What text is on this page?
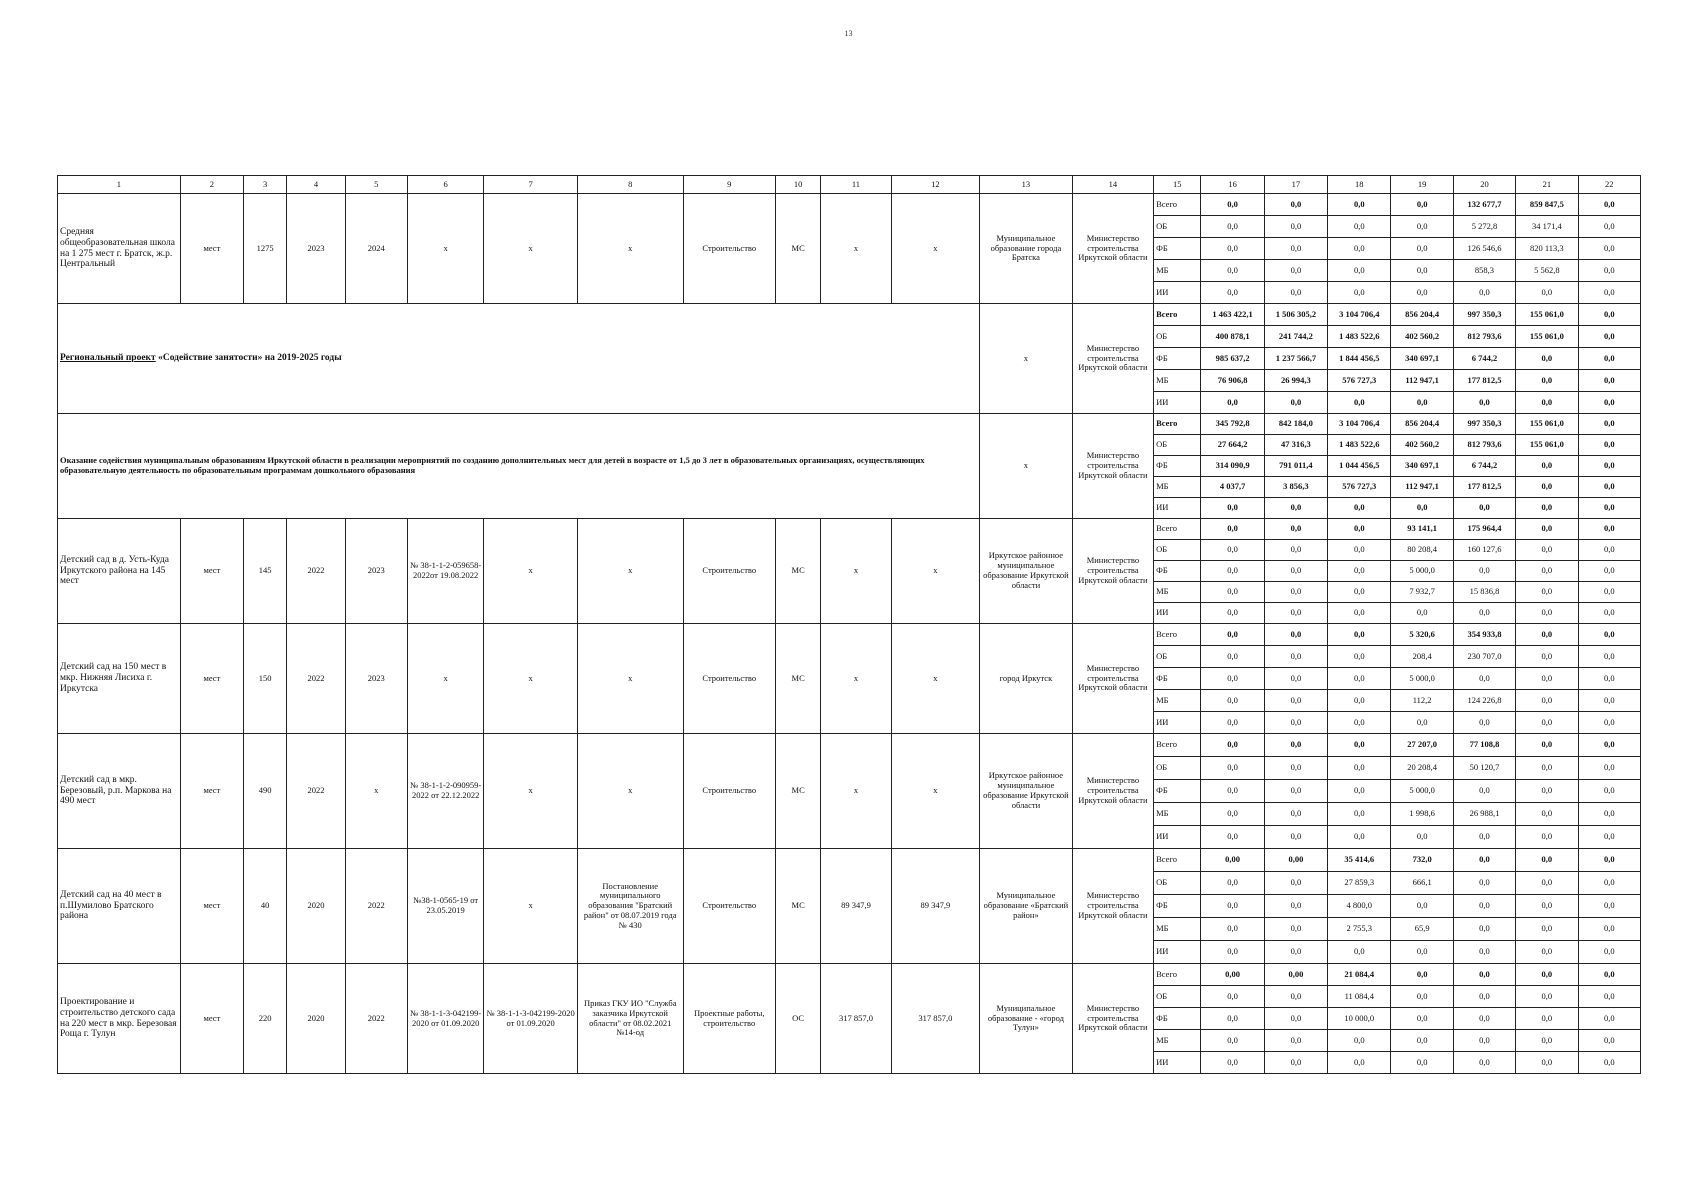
13
1	2	3	4	5	6	7	8	9	10	11	12	13	14	15	16	17	18	19	20	21	22
Средняя общеобразовательная школа на 1 275 мест г. Братск, ж.р. Центральный	мест	1275	2023	2024	x	x	x	Строительство	МС	x	x	Муниципальное образование города Братска	Министерство строительства Иркутской области	Всего	0,0	0,0	0,0	0,0	132 677,7	859 847,5	0,0
														ОБ	0,0	0,0	0,0	0,0	5 272,8	34 171,4	0,0
														ФБ	0,0	0,0	0,0	0,0	126 546,6	820 113,3	0,0
														МБ	0,0	0,0	0,0	0,0	858,3	5 562,8	0,0
														ИИ	0,0	0,0	0,0	0,0	0,0	0,0	0,0
Региональный проект «Содействие занятости» на 2019-2025 годы												x	Министерство строительства Иркутской области	Всего	1 463 422,1	1 506 305,2	3 104 706,4	856 204,4	997 350,3	155 061,0	0,0
														ОБ	400 878,1	241 744,2	1 483 522,6	402 560,2	812 793,6	155 061,0	0,0
														ФБ	985 637,2	1 237 566,7	1 844 456,5	340 697,1	6 744,2	0,0	0,0
														МБ	76 906,8	26 994,3	576 727,3	112 947,1	177 812,5	0,0	0,0
														ИИ	0,0	0,0	0,0	0,0	0,0	0,0	0,0
Оказание содействия муниципальным образованиям Иркутской области в реализации мероприятий по созданию дополнительных мест для детей в возрасте от 1,5 до 3 лет в образовательных организациях, осуществляющих образовательную деятельность по образовательным программам дошкольного образования												x	Министерство строительства Иркутской области	Всего	345 792,8	842 184,0	3 104 706,4	856 204,4	997 350,3	155 061,0	0,0
														ОБ	27 664,2	47 316,3	1 483 522,6	402 560,2	812 793,6	155 061,0	0,0
														ФБ	314 090,9	791 011,4	1 044 456,5	340 697,1	6 744,2	0,0	0,0
														МБ	4 037,7	3 856,3	576 727,3	112 947,1	177 812,5	0,0	0,0
														ИИ	0,0	0,0	0,0	0,0	0,0	0,0	0,0
Детский сад в д. Усть-Куда Иркутского района на 145 мест	мест	145	2022	2023	№ 38-1-1-2-059658-2022от 19.08.2022	x	x	Строительство	МС	x	x	Иркутское районное муниципальное образование Иркутской области	Министерство строительства Иркутской области	Всего	0,0	0,0	0,0	93 141,1	175 964,4	0,0	0,0
														ОБ	0,0	0,0	0,0	80 208,4	160 127,6	0,0	0,0
														ФБ	0,0	0,0	0,0	5 000,0	0,0	0,0	0,0
														МБ	0,0	0,0	0,0	7 932,7	15 836,8	0,0	0,0
														ИИ	0,0	0,0	0,0	0,0	0,0	0,0	0,0
Детский сад на 150 мест в мкр. Нижняя Лисиха г. Иркутска	мест	150	2022	2023	x	x	x	Строительство	МС	x	x	город Иркутск	Министерство строительства Иркутской области	Всего	0,0	0,0	0,0	5 320,6	354 933,8	0,0	0,0
														ОБ	0,0	0,0	0,0	208,4	230 707,0	0,0	0,0
														ФБ	0,0	0,0	0,0	5 000,0	0,0	0,0	0,0
														МБ	0,0	0,0	0,0	112,2	124 226,8	0,0	0,0
														ИИ	0,0	0,0	0,0	0,0	0,0	0,0	0,0
Детский сад в мкр. Березовый, р.п. Маркова на 490 мест	мест	490	2022	x	№ 38-1-1-2-090959-2022 от 22.12.2022	x	x	Строительство	МС	x	x	Иркутское районное муниципальное образование Иркутской области	Министерство строительства Иркутской области	Всего	0,0	0,0	0,0	27 207,0	77 108,8	0,0	0,0
														ОБ	0,0	0,0	0,0	20 208,4	50 120,7	0,0	0,0
														ФБ	0,0	0,0	0,0	5 000,0	0,0	0,0	0,0
														МБ	0,0	0,0	0,0	1 998,6	26 988,1	0,0	0,0
														ИИ	0,0	0,0	0,0	0,0	0,0	0,0	0,0
Детский сад на 40 мест в п.Шумилово Братского района	мест	40	2020	2022	№38-1-0565-19 от 23.05.2019	x	Постановление муниципального образования "Братский район" от 08.07.2019 года № 430	Строительство	МС	89 347,9	89 347,9	Муниципальное образование «Братский район»	Министерство строительства Иркутской области	Всего	0,00	0,00	35 414,6	732,0	0,0	0,0	0,0
														ОБ	0,0	0,0	27 859,3	666,1	0,0	0,0	0,0
														ФБ	0,0	0,0	4 800,0	0,0	0,0	0,0	0,0
														МБ	0,0	0,0	2 755,3	65,9	0,0	0,0	0,0
														ИИ	0,0	0,0	0,0	0,0	0,0	0,0	0,0
Проектирование и строительство детского сада на 220 мест в мкр. Березовая Роща г. Тулун	мест	220	2020	2022	№ 38-1-1-3-042199-2020 от 01.09.2020	№ 38-1-1-3-042199-2020 от 01.09.2020	Приказ ГКУ ИО "Служба заказчика Иркутской области" от 08.02.2021 №14-од	Проектные работы, строительство	ОС	317 857,0	317 857,0	Муниципальное образование - «город Тулун»	Министерство строительства Иркутской области	Всего	0,00	0,00	21 084,4	0,0	0,0	0,0	0,0
														ОБ	0,0	0,0	11 084,4	0,0	0,0	0,0	0,0
														ФБ	0,0	0,0	10 000,0	0,0	0,0	0,0	0,0
														МБ	0,0	0,0	0,0	0,0	0,0	0,0	0,0
														ИИ	0,0	0,0	0,0	0,0	0,0	0,0	0,0
